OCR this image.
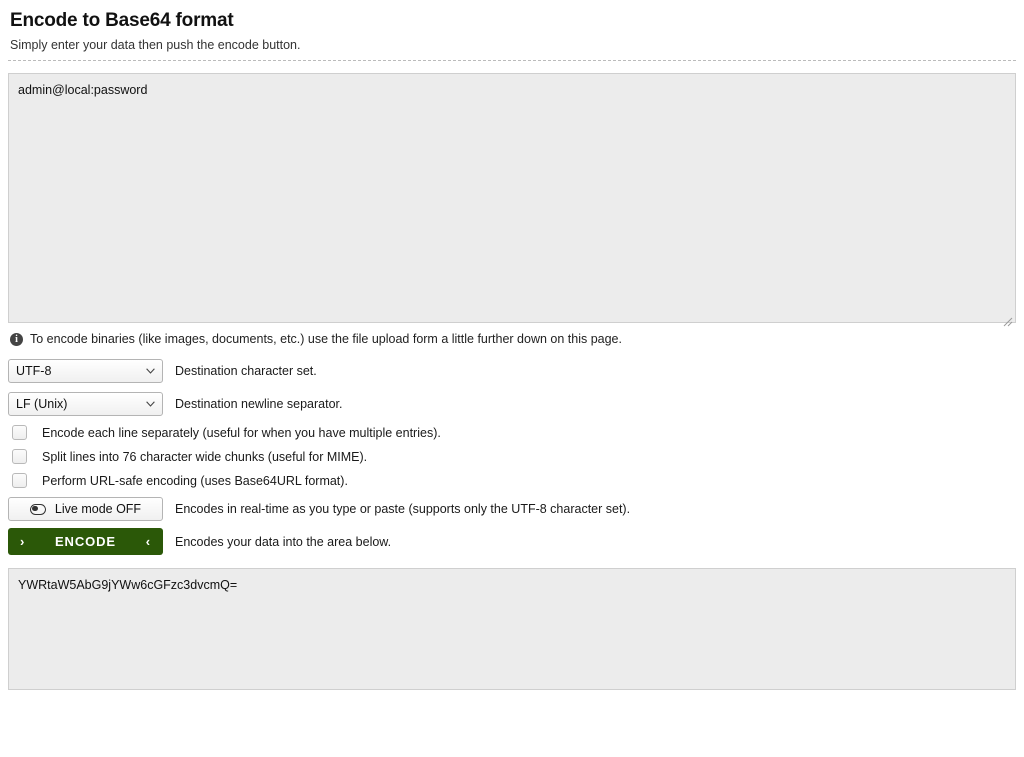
Encode to Base64 format
Simply enter your data then push the encode button.
admin@local:password
i To encode binaries (like images, documents, etc.) use the file upload form a little further down on this page.
UTF-8
Destination character set.
LF (Unix)
Destination newline separator.
Encode each line separately (useful for when you have multiple entries).
Split lines into 76 character wide chunks (useful for MIME).
Perform URL-safe encoding (uses Base64URL format).
Live mode OFF	Encodes in real-time as you type or paste (supports only the UTF-8 character set).
›	ENCODE	‹ Encodes your data into the area below.
YWRtaW5AbG9jYWw6cGFzc3dvcmQ=
